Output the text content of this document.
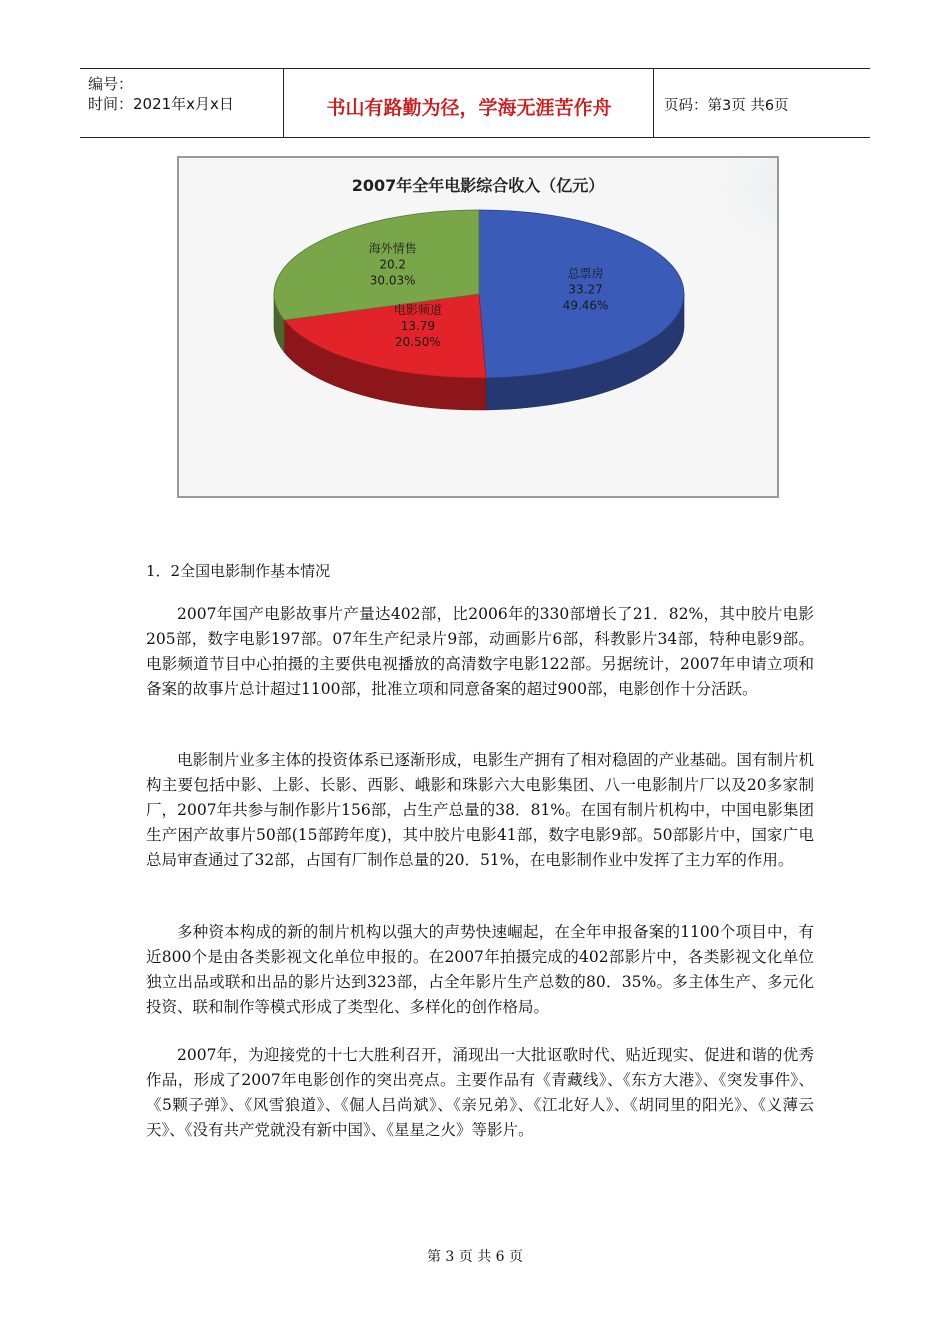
编号：
时间：2021年x月x日	书山有路勤为径，学海无涯苦作舟	页码：第3页 共6页
2007年全年电影综合收入（亿元）
总票房
33.27
49.46%
电影频道
13.79
20.50%
海外情售
20.2
30.03%
1．2全国电影制作基本情况

2007年国产电影故事片产量达402部，比2006年的330部增长了21．82%，其中胶片电影205部，数字电影197部。07年生产纪录片9部，动画影片6部，科教影片34部，特种电影9部。电影频道节目中心拍摄的主要供电视播放的高清数字电影122部。另据统计，2007年申请立项和备案的故事片总计超过1100部，批准立项和同意备案的超过900部，电影创作十分活跃。

电影制片业多主体的投资体系已逐渐形成，电影生产拥有了相对稳固的产业基础。国有制片机构主要包括中影、上影、长影、西影、峨影和珠影六大电影集团、八一电影制片厂以及20多家制厂，2007年共参与制作影片156部，占生产总量的38．81%。在国有制片机构中，中国电影集团生产困产故事片50部(15部跨年度)，其中胶片电影41部，数字电影9部。50部影片中，国家广电总局审查通过了32部，占国有厂制作总量的20．51%，在电影制作业中发挥了主力军的作用。

多种资本构成的新的制片机构以强大的声势快速崛起，在全年申报备案的1100个项目中，有近800个是由各类影视文化单位申报的。在2007年拍摄完成的402部影片中，各类影视文化单位独立出品或联和出品的影片达到323部，占全年影片生产总数的80．35%。多主体生产、多元化投资、联和制作等模式形成了类型化、多样化的创作格局。

2007年，为迎接党的十七大胜利召开，涌现出一大批讴歌时代、贴近现实、促进和谐的优秀作品，形成了2007年电影创作的突出亮点。主要作品有《青藏线》、《东方大港》、《突发事件》、《5颗子弹》、《风雪狼道》、《倔人吕尚斌》、《亲兄弟》、《江北好人》、《胡同里的阳光》、《义薄云天》、《没有共产党就没有新中国》、《星星之火》等影片。

第 3 页 共 6 页
